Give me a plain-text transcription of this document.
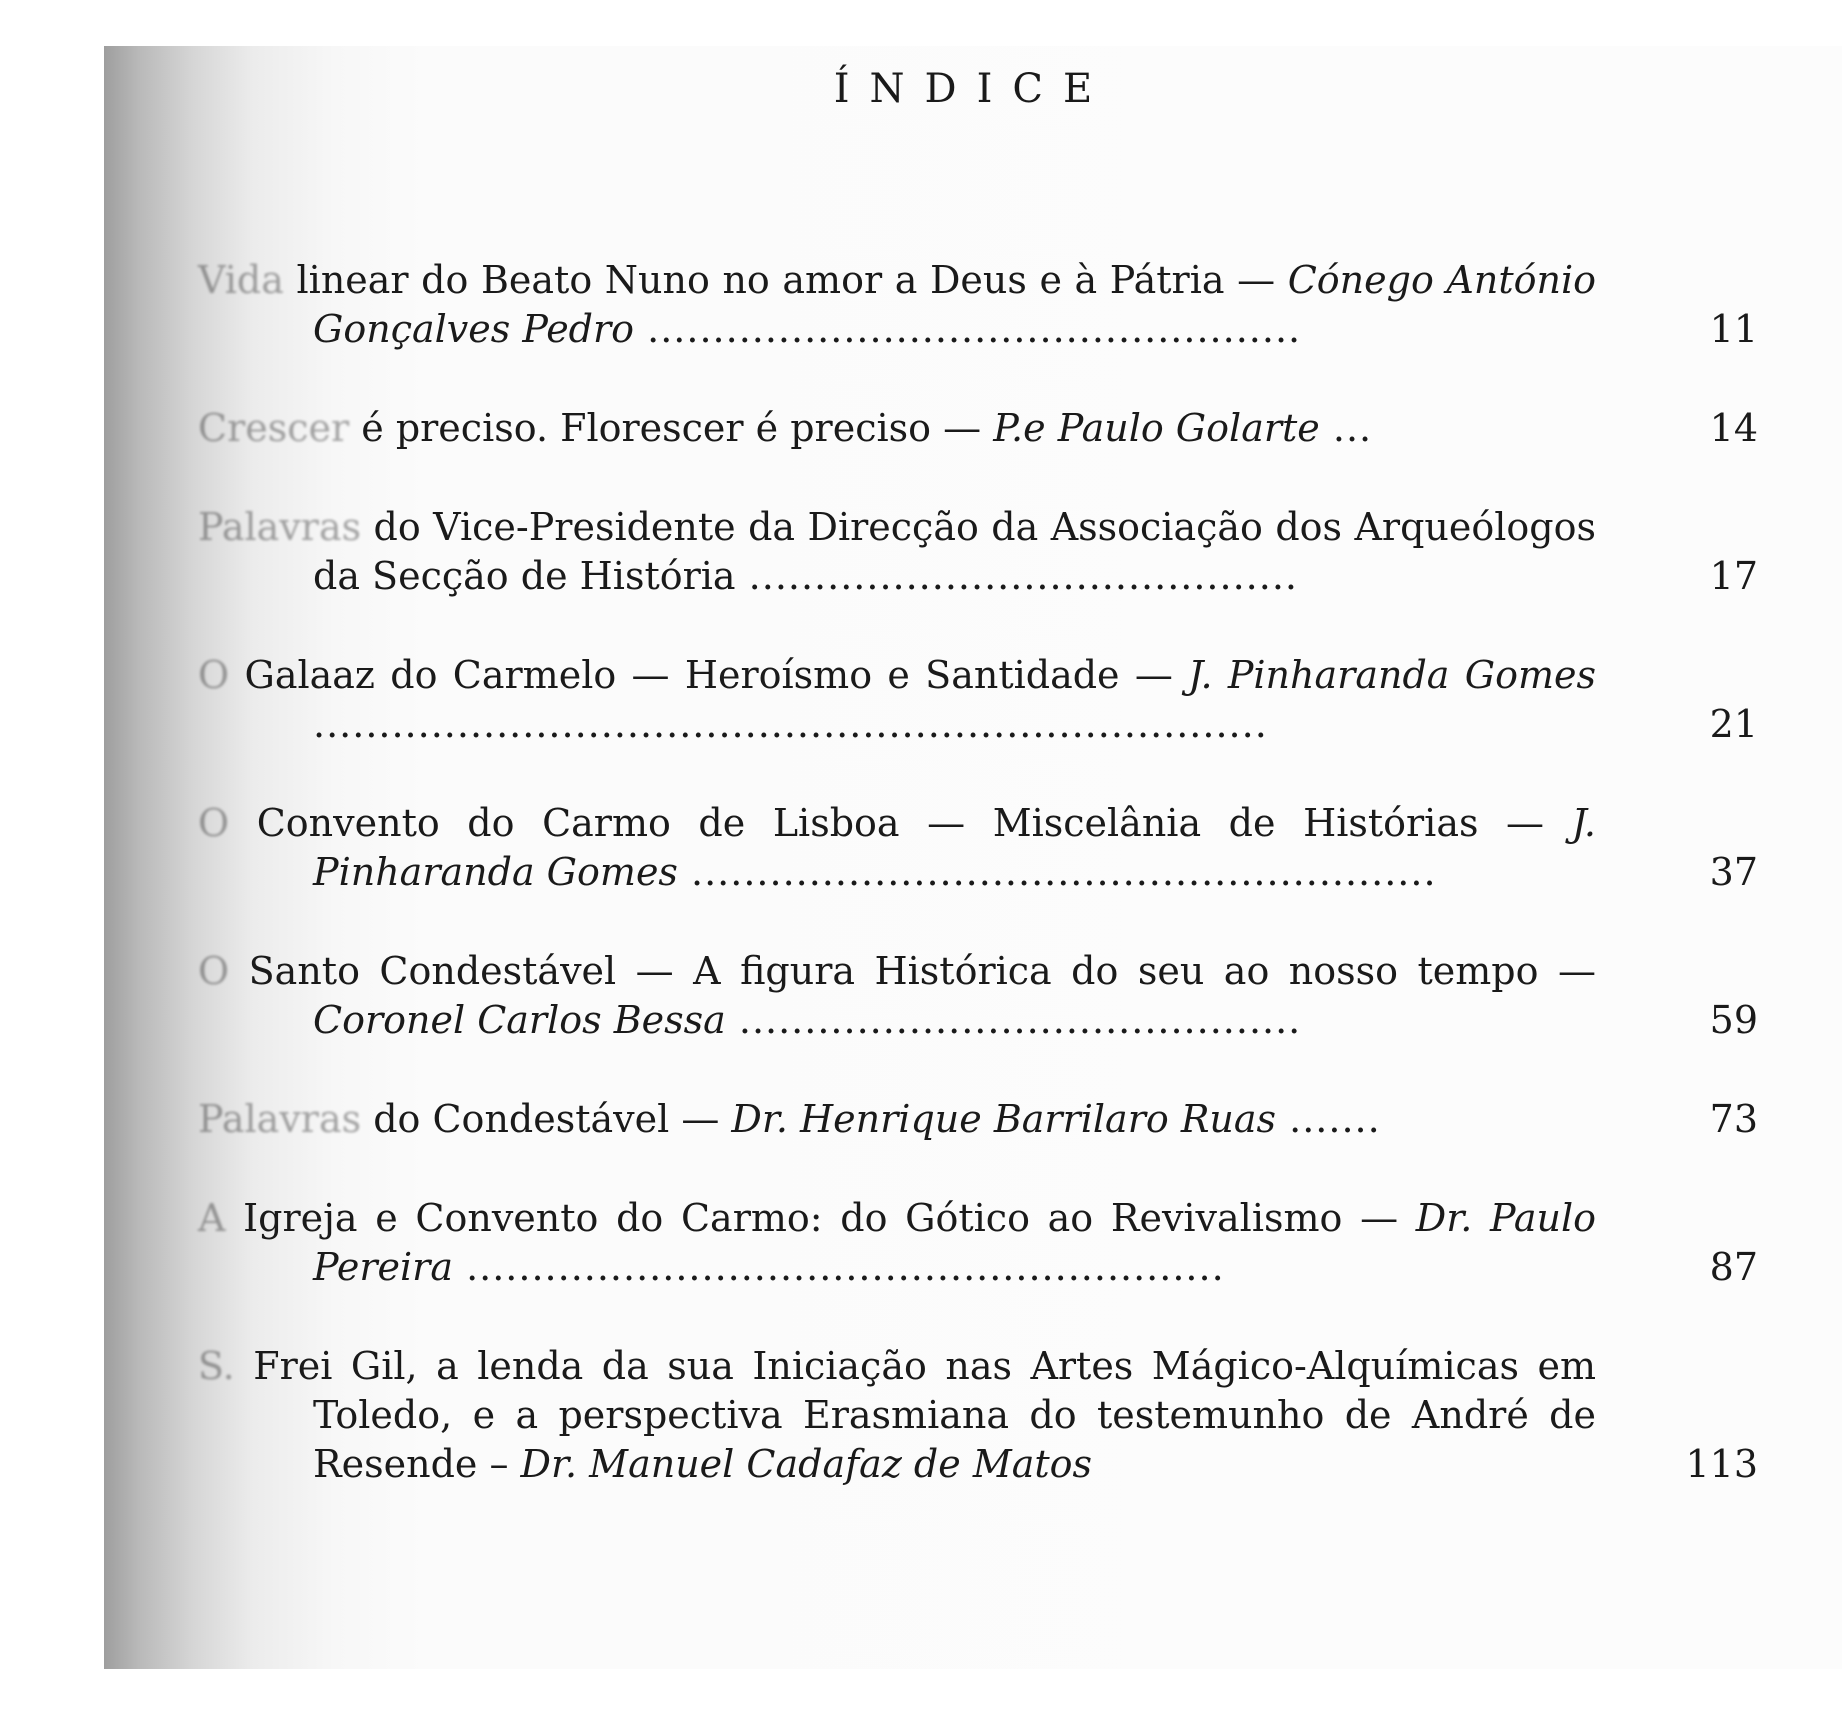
ÍNDICE
Vida linear do Beato Nuno no amor a Deus e à Pátria — Cónego António Gonçalves Pedro ..................................................	11
Crescer é preciso. Florescer é preciso — P.e Paulo Golarte ...	14
Palavras do Vice-Presidente da Direcção da Associação dos Arqueólogos da Secção de História ..........................................	17
O Galaaz do Carmelo — Heroísmo e Santidade — J. Pinharanda Gomes .........................................................................	21
O Convento do Carmo de Lisboa — Miscelânia de Histórias — J. Pinharanda Gomes .........................................................	37
O Santo Condestável — A figura Histórica do seu ao nosso tempo — Coronel Carlos Bessa ...........................................	59
Palavras do Condestável — Dr. Henrique Barrilaro Ruas .......	73
A Igreja e Convento do Carmo: do Gótico ao Revivalismo — Dr. Paulo Pereira ..........................................................	87
S. Frei Gil, a lenda da sua Iniciação nas Artes Mágico-Alquímicas em Toledo, e a perspectiva Erasmiana do testemunho de André de Resende – Dr. Manuel Cadafaz de Matos	113
